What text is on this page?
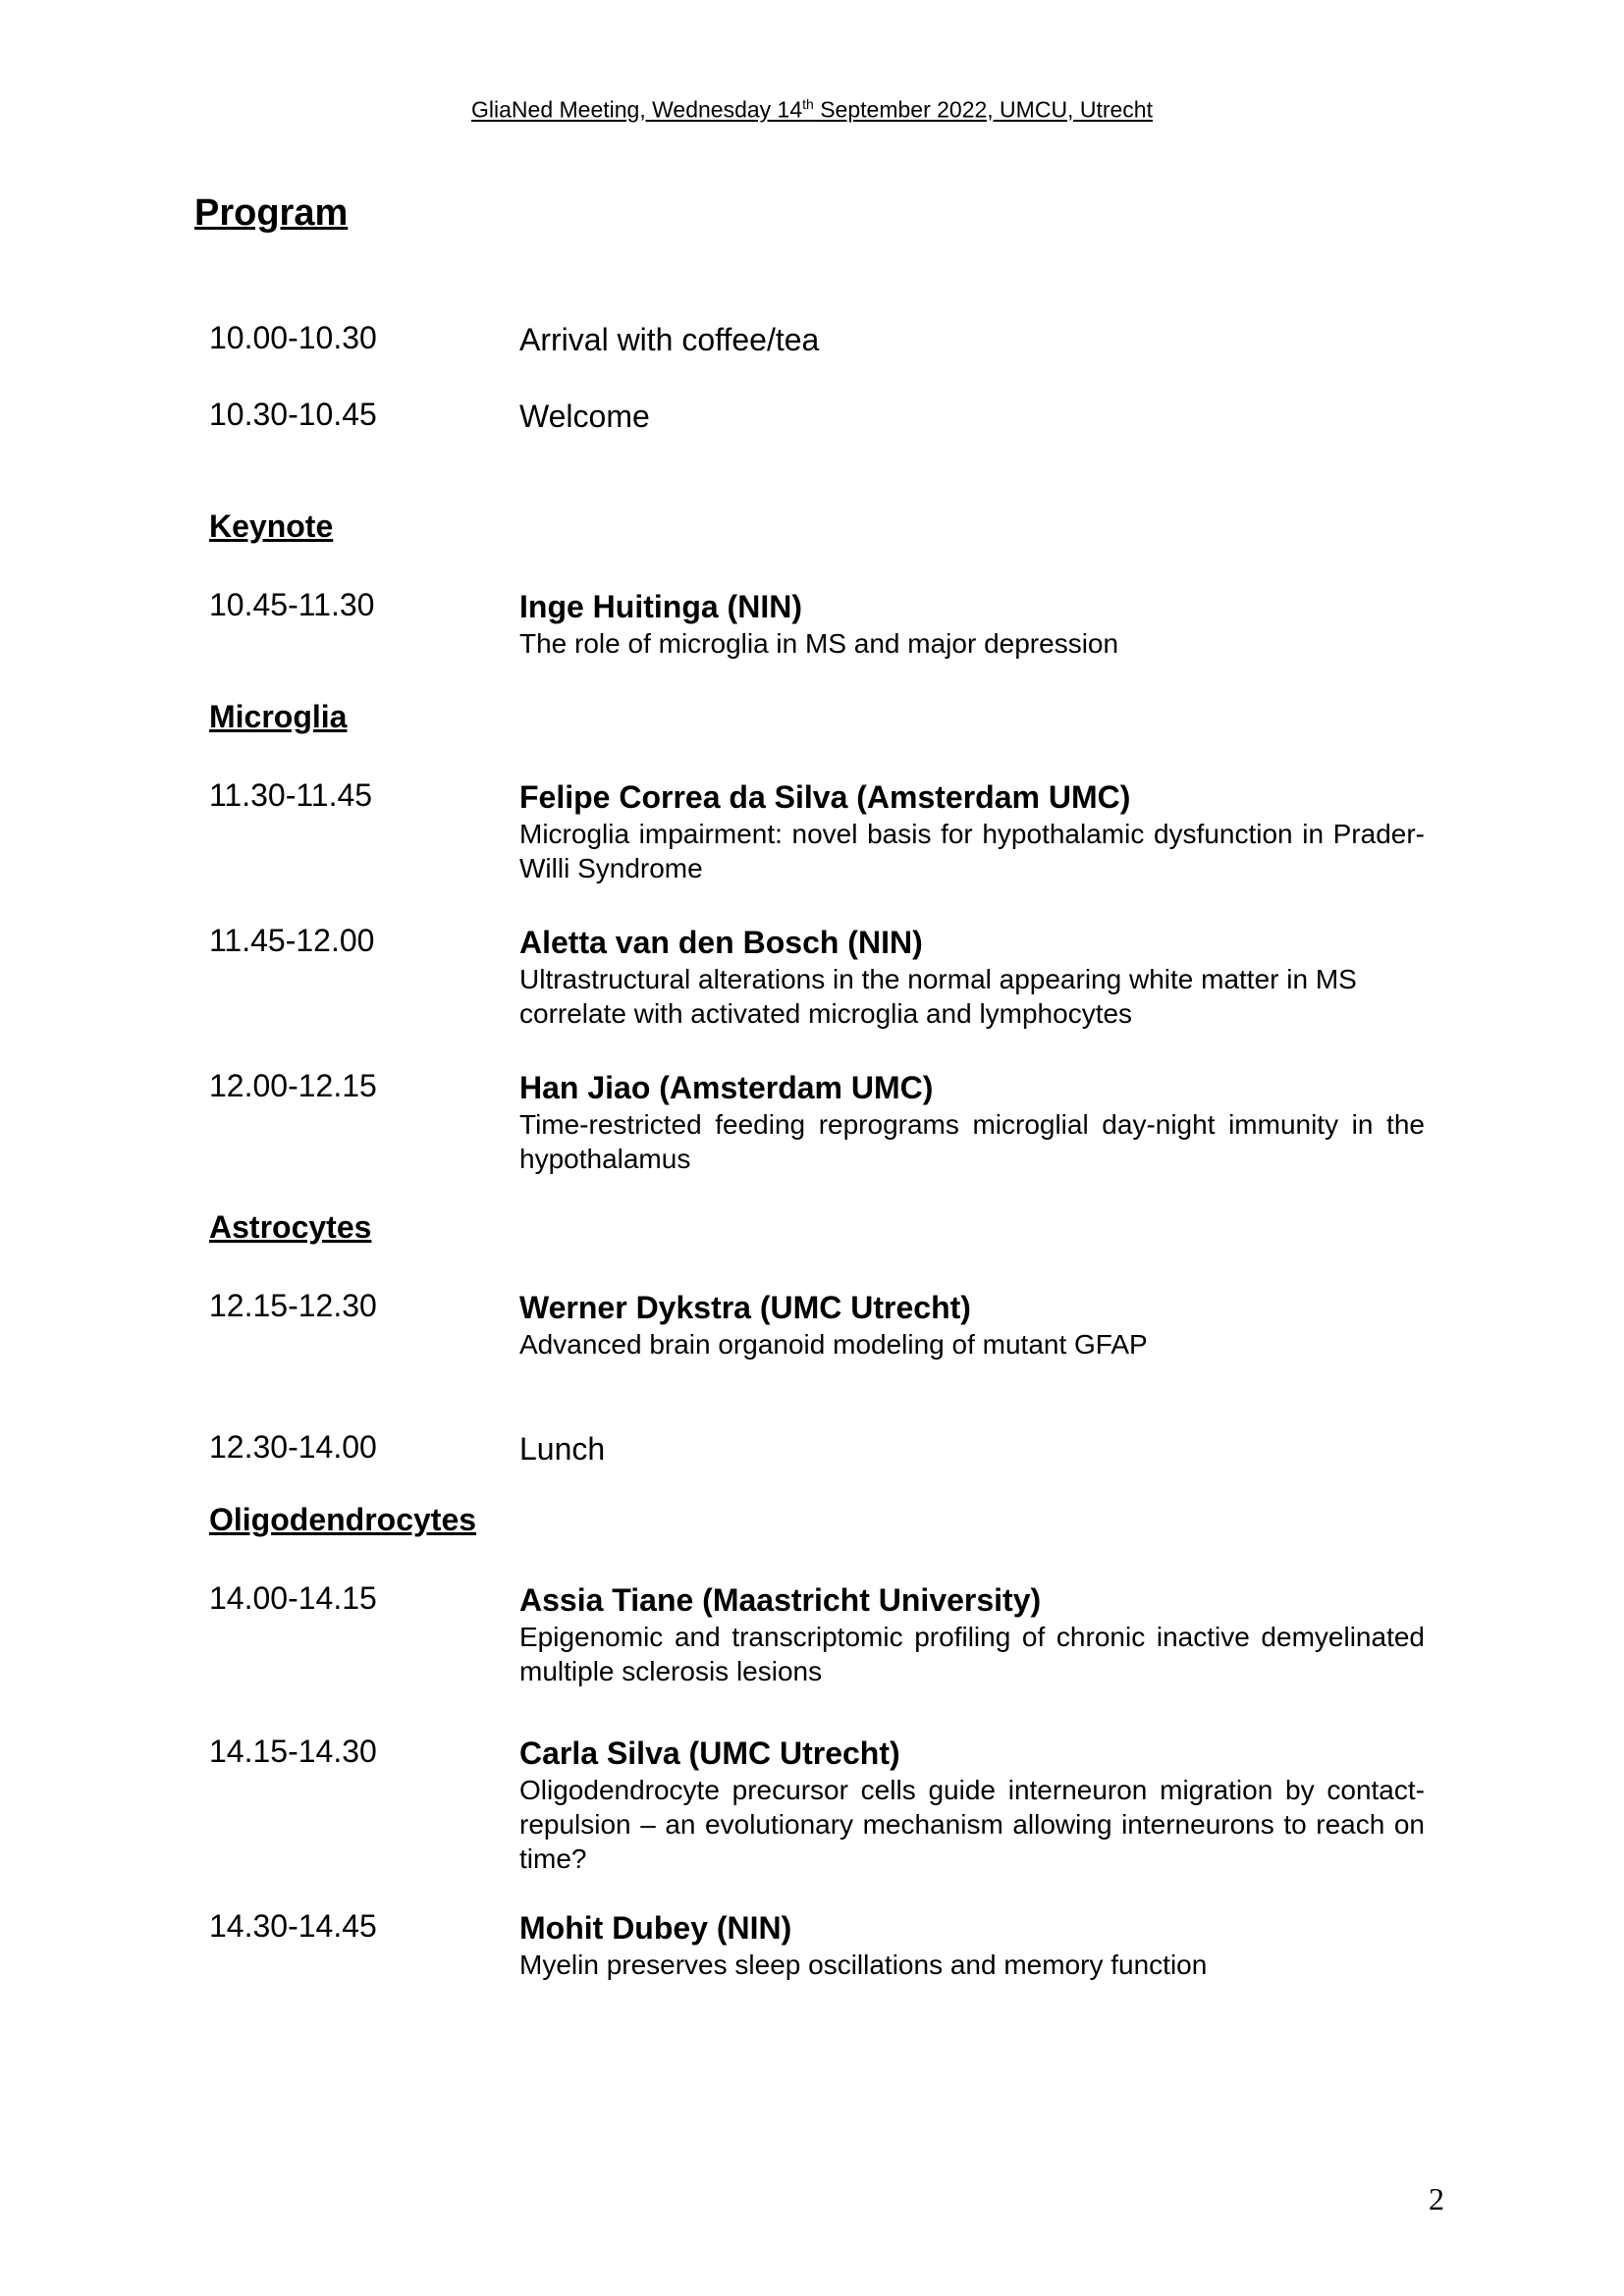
GliaNed Meeting, Wednesday 14th September 2022, UMCU, Utrecht
Program
10.00-10.30	Arrival with coffee/tea
10.30-10.45	Welcome
Keynote
10.45-11.30	Inge Huitinga (NIN)
The role of microglia in MS and major depression
Microglia
11.30-11.45	Felipe Correa da Silva (Amsterdam UMC)
Microglia impairment: novel basis for hypothalamic dysfunction in Prader-Willi Syndrome
11.45-12.00	Aletta van den Bosch (NIN)
Ultrastructural alterations in the normal appearing white matter in MS correlate with activated microglia and lymphocytes
12.00-12.15	Han Jiao (Amsterdam UMC)
Time-restricted feeding reprograms microglial day-night immunity in the hypothalamus
Astrocytes
12.15-12.30	Werner Dykstra (UMC Utrecht)
Advanced brain organoid modeling of mutant GFAP
12.30-14.00	Lunch
Oligodendrocytes
14.00-14.15	Assia Tiane (Maastricht University)
Epigenomic and transcriptomic profiling of chronic inactive demyelinated multiple sclerosis lesions
14.15-14.30	Carla Silva (UMC Utrecht)
Oligodendrocyte precursor cells guide interneuron migration by contact-repulsion – an evolutionary mechanism allowing interneurons to reach on time?
14.30-14.45	Mohit Dubey (NIN)
Myelin preserves sleep oscillations and memory function
2
